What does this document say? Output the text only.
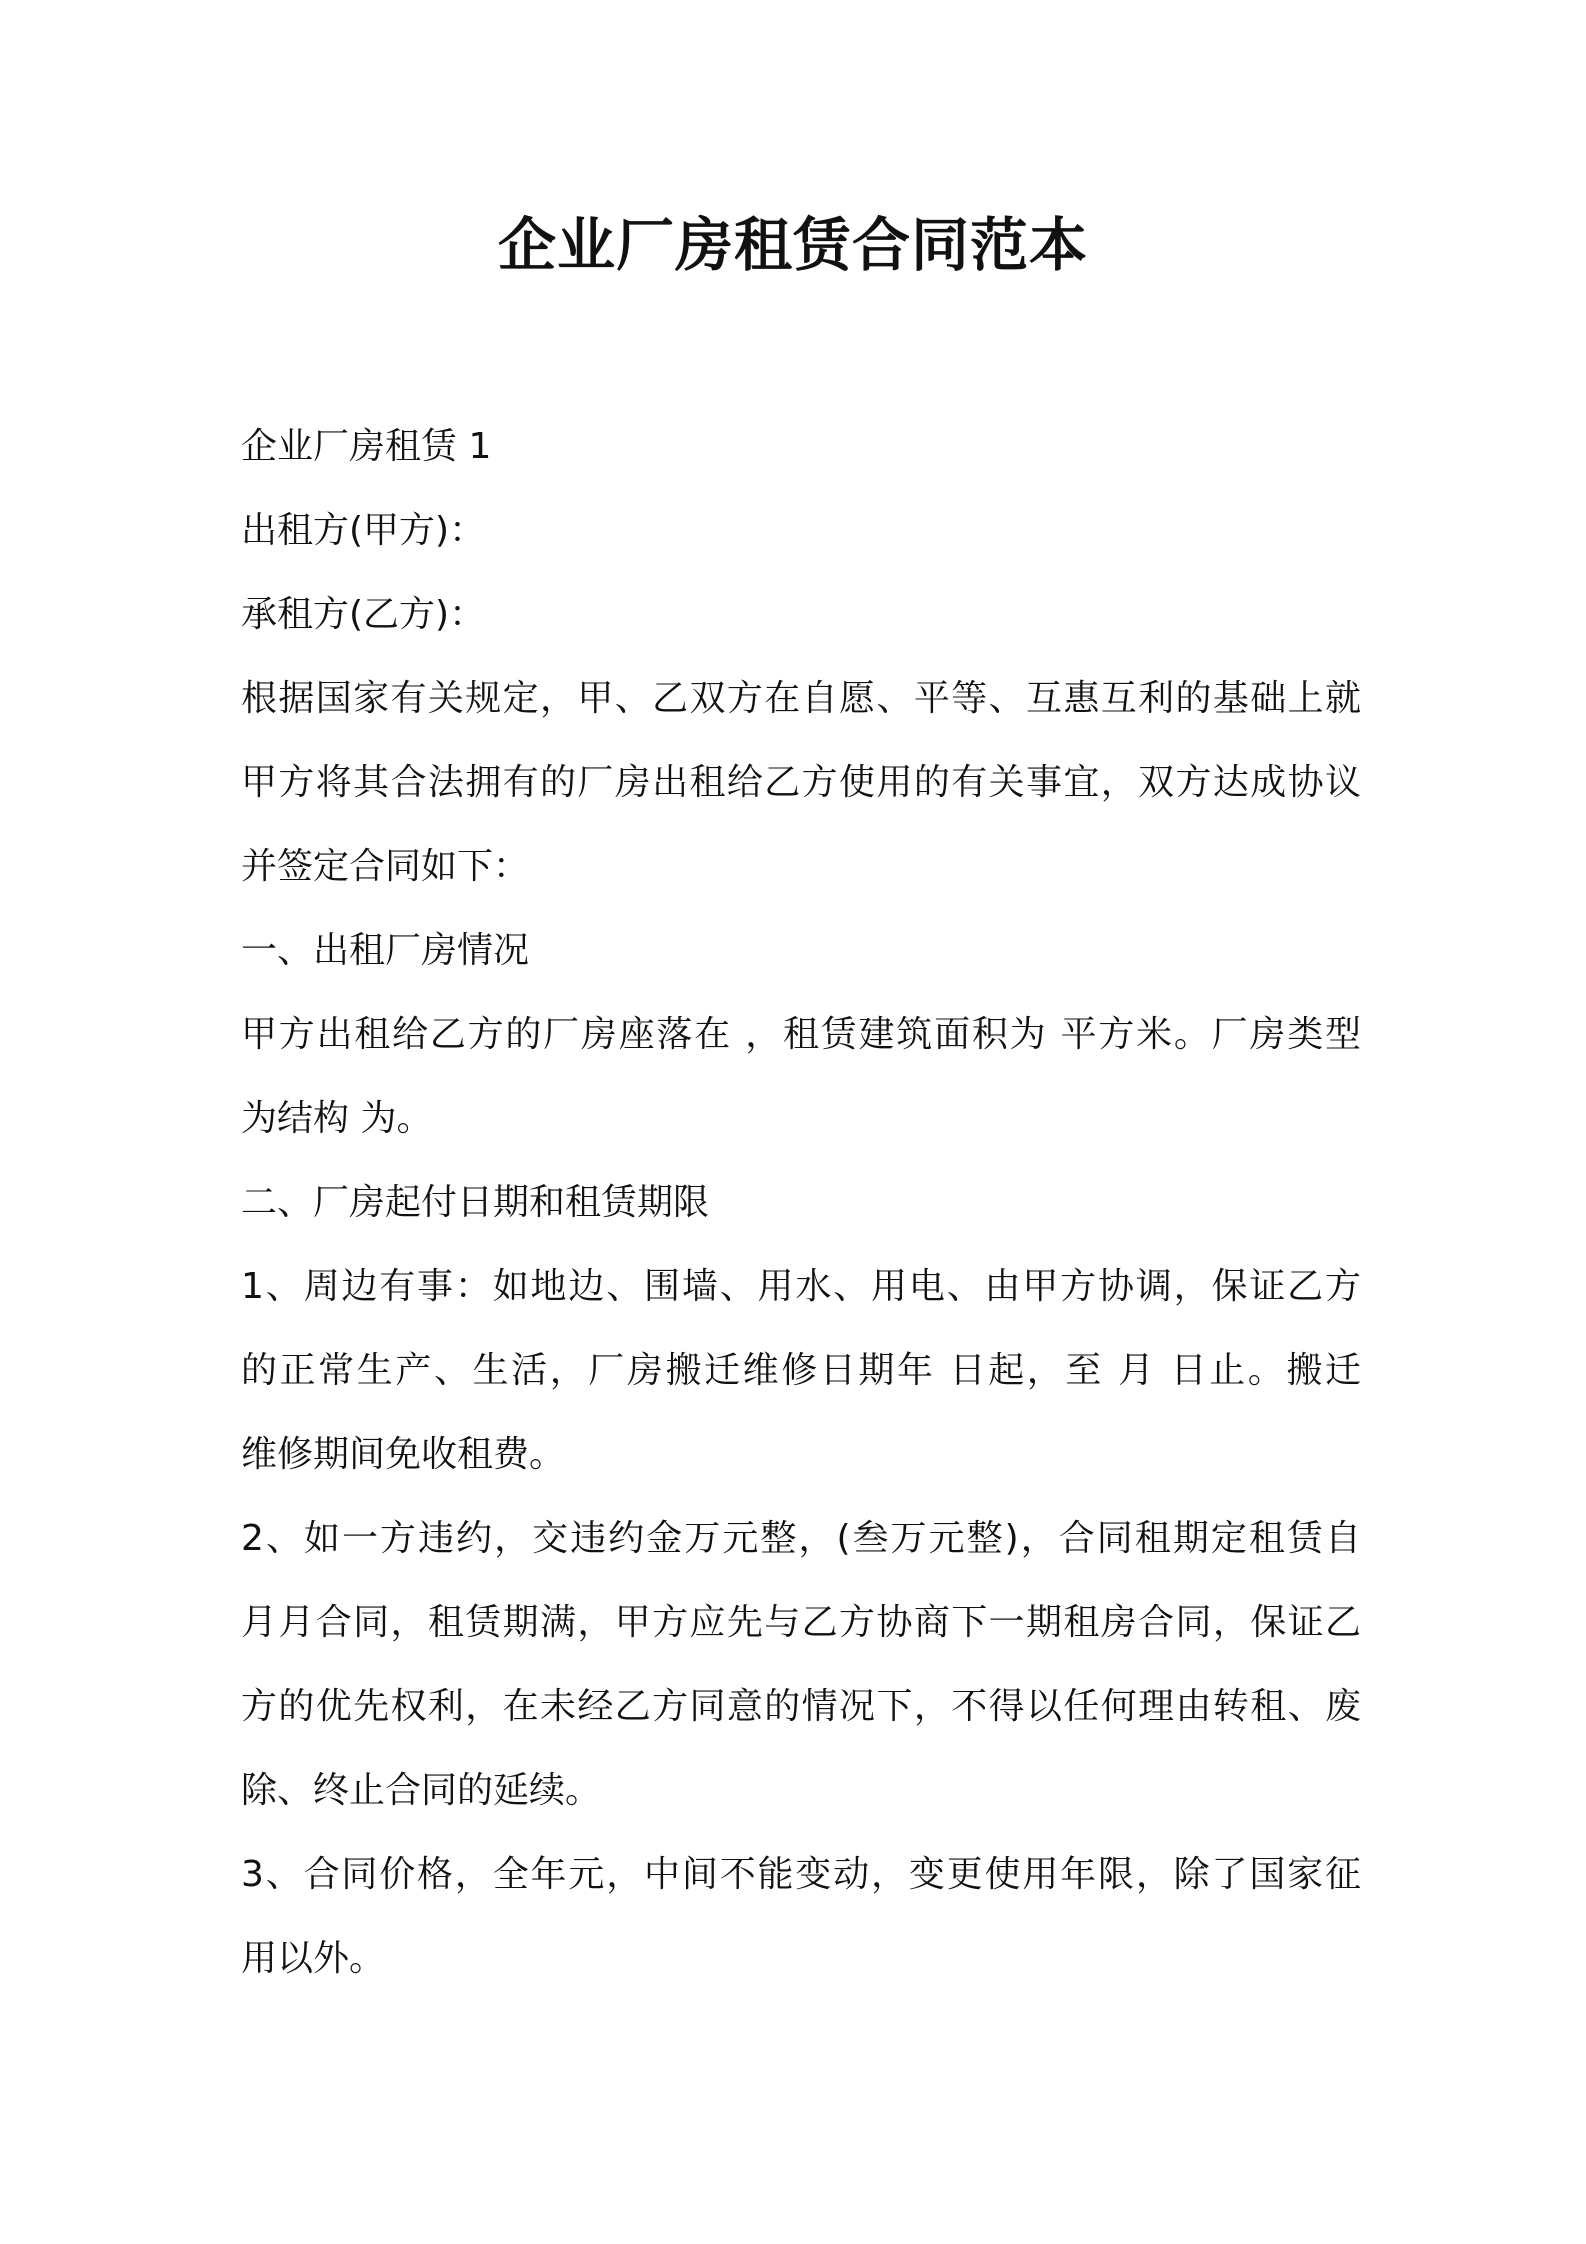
企业厂房租赁合同范本

企业厂房租赁 1

出租方(甲方)：

承租方(乙方)：

根据国家有关规定，甲、乙双方在自愿、平等、互惠互利的基础上就

甲方将其合法拥有的厂房出租给乙方使用的有关事宜，双方达成协议

并签定合同如下：

一、出租厂房情况

甲方出租给乙方的厂房座落在 ，租赁建筑面积为 平方米。厂房类型

为结构 为。

二、厂房起付日期和租赁期限

1、周边有事：如地边、围墙、用水、用电、由甲方协调，保证乙方

的正常生产、生活，厂房搬迁维修日期年 日起，至 月 日止。搬迁

维修期间免收租费。

2、如一方违约，交违约金万元整，(叁万元整)，合同租期定租赁自

月月合同，租赁期满，甲方应先与乙方协商下一期租房合同，保证乙

方的优先权利，在未经乙方同意的情况下，不得以任何理由转租、废

除、终止合同的延续。

3、合同价格，全年元，中间不能变动，变更使用年限，除了国家征

用以外。
